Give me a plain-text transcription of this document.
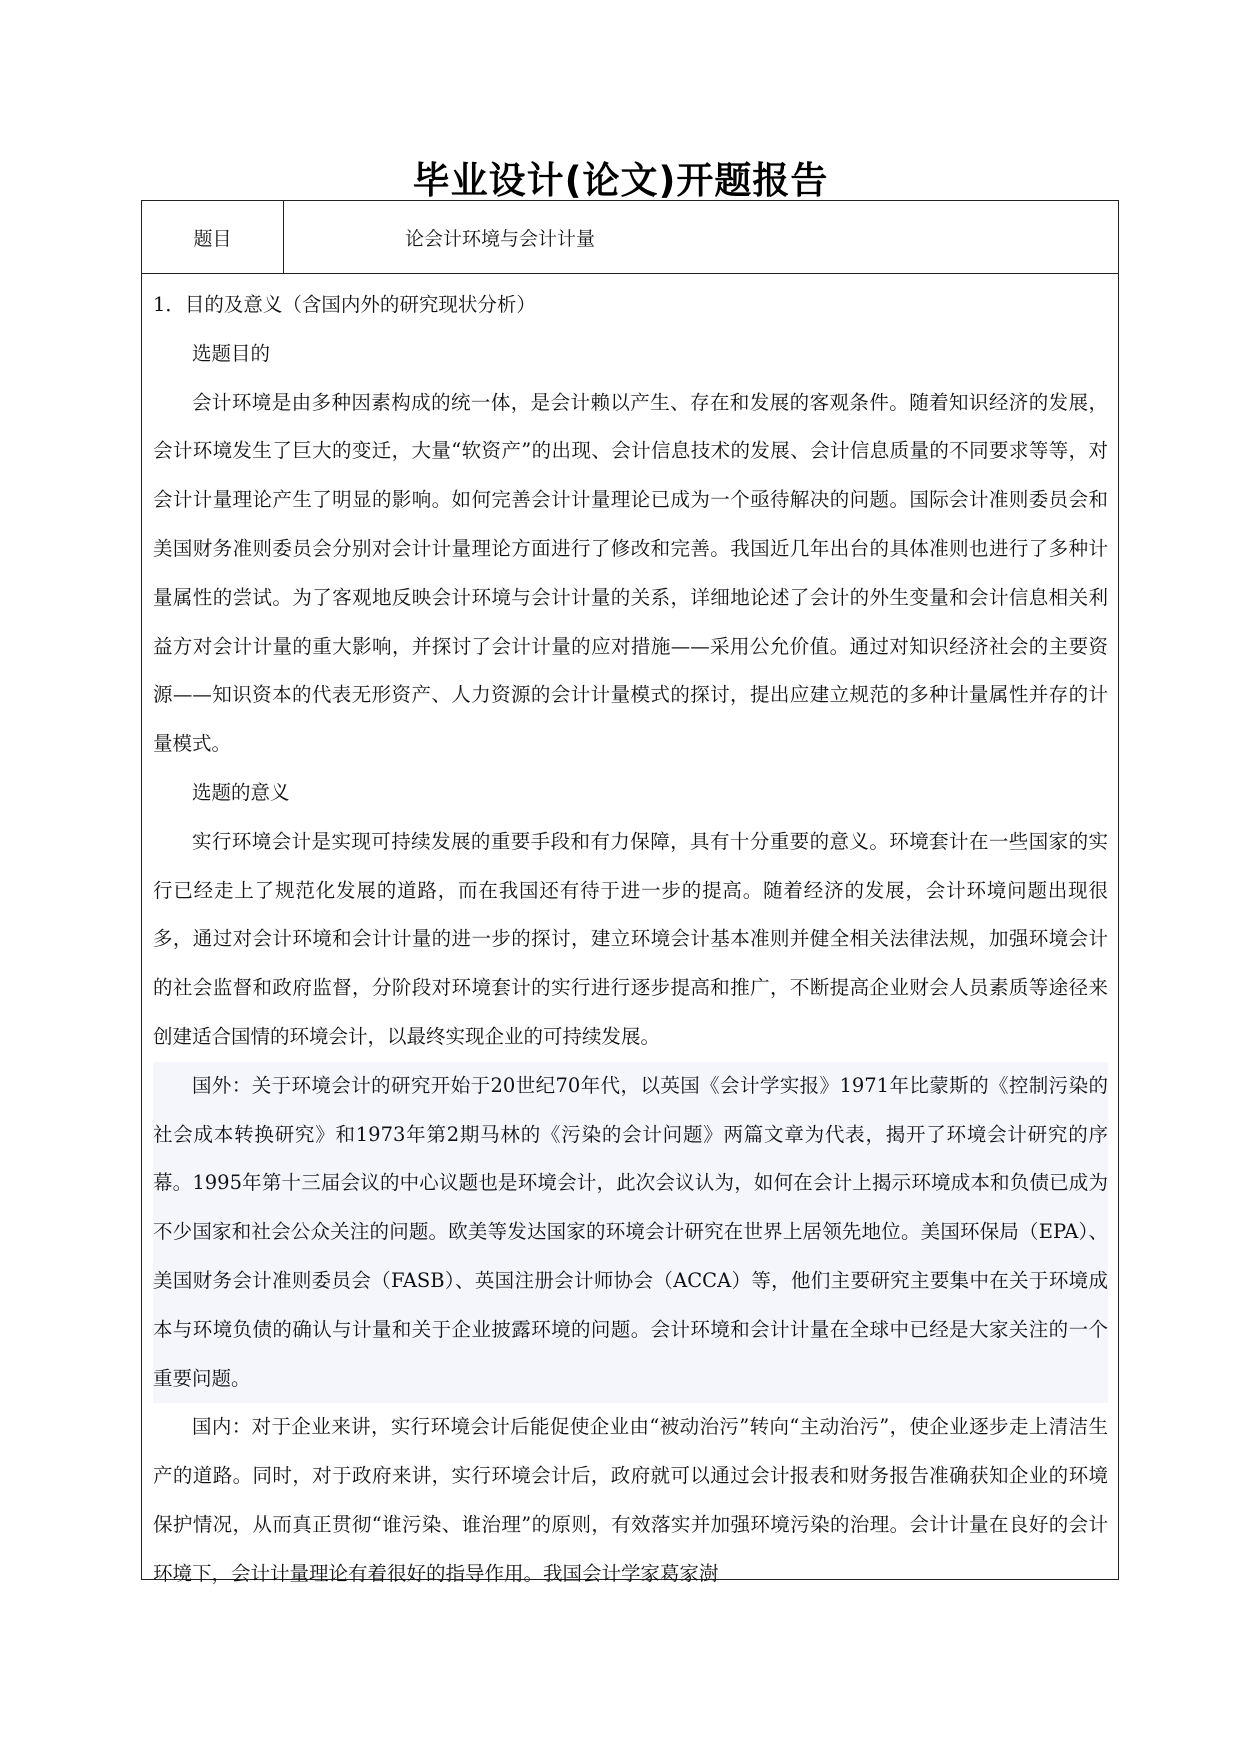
毕业设计(论文)开题报告
题目	论会计环境与会计计量

1．目的及意义（含国内外的研究现状分析）

选题目的

会计环境是由多种因素构成的统一体，是会计赖以产生、存在和发展的客观条件。随着知识经济的发展，会计环境发生了巨大的变迁，大量“软资产”的出现、会计信息技术的发展、会计信息质量的不同要求等等，对会计计量理论产生了明显的影响。如何完善会计计量理论已成为一个亟待解决的问题。国际会计准则委员会和美国财务准则委员会分别对会计计量理论方面进行了修改和完善。我国近几年出台的具体准则也进行了多种计量属性的尝试。为了客观地反映会计环境与会计计量的关系，详细地论述了会计的外生变量和会计信息相关利益方对会计计量的重大影响，并探讨了会计计量的应对措施——采用公允价值。通过对知识经济社会的主要资源——知识资本的代表无形资产、人力资源的会计计量模式的探讨，提出应建立规范的多种计量属性并存的计量模式。

选题的意义

实行环境会计是实现可持续发展的重要手段和有力保障，具有十分重要的意义。环境套计在一些国家的实行已经走上了规范化发展的道路，而在我国还有待于进一步的提高。随着经济的发展，会计环境问题出现很多，通过对会计环境和会计计量的进一步的探讨，建立环境会计基本准则并健全相关法律法规，加强环境会计的社会监督和政府监督，分阶段对环境套计的实行进行逐步提高和推广，不断提高企业财会人员素质等途径来创建适合国情的环境会计，以最终实现企业的可持续发展。

国外：关于环境会计的研究开始于20世纪70年代，以英国《会计学实报》1971年比蒙斯的《控制污染的社会成本转换研究》和1973年第2期马林的《污染的会计问题》两篇文章为代表，揭开了环境会计研究的序幕。1995年第十三届会议的中心议题也是环境会计，此次会议认为，如何在会计上揭示环境成本和负债已成为不少国家和社会公众关注的问题。欧美等发达国家的环境会计研究在世界上居领先地位。美国环保局（EPA）、美国财务会计准则委员会（FASB）、英国注册会计师协会（ACCA）等，他们主要研究主要集中在关于环境成本与环境负债的确认与计量和关于企业披露环境的问题。会计环境和会计计量在全球中已经是大家关注的一个重要问题。

国内：对于企业来讲，实行环境会计后能促使企业由“被动治污”转向“主动治污”，使企业逐步走上清洁生产的道路。同时，对于政府来讲，实行环境会计后，政府就可以通过会计报表和财务报告准确获知企业的环境保护情况，从而真正贯彻“谁污染、谁治理”的原则，有效落实并加强环境污染的治理。会计计量在良好的会计环境下，会计计量理论有着很好的指导作用。我国会计学家葛家澍
